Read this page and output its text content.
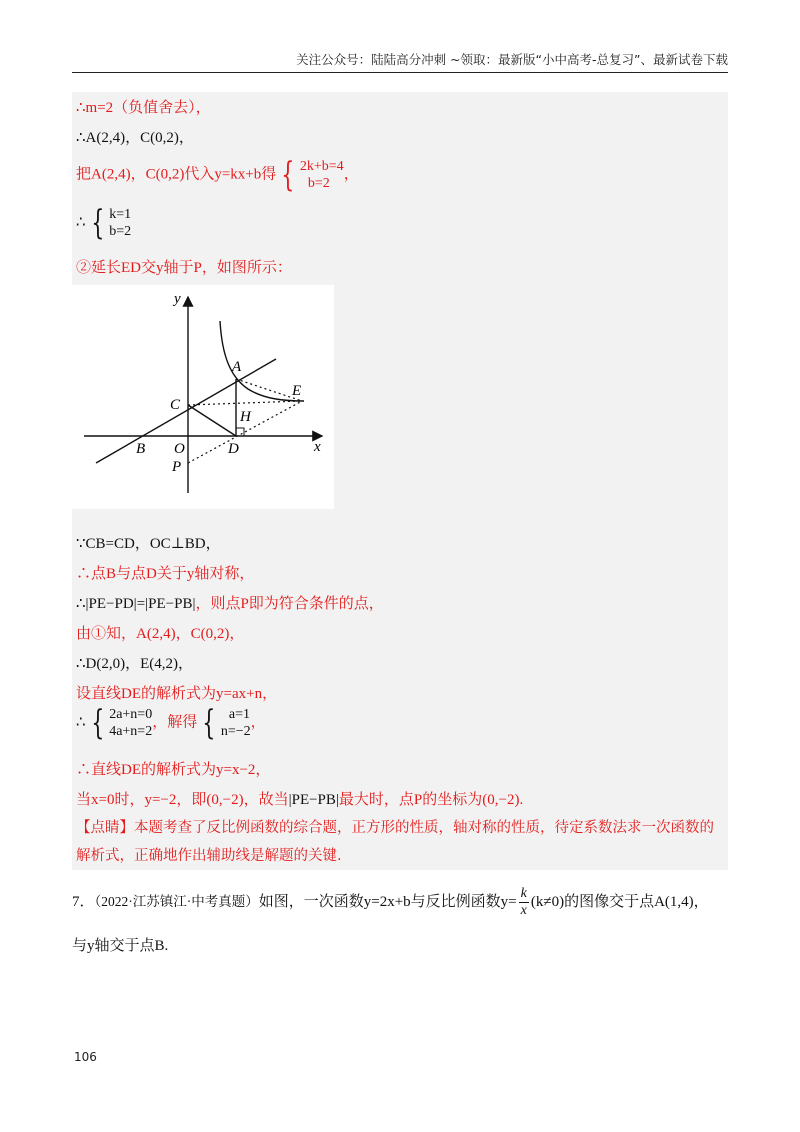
关注公众号：陆陆高分冲刺 ~领取：最新版“小中高考-总复习”、最新试卷下载
∴m=2（负值舍去），
∴A(2,4)，C(0,2)，
把A(2,4)，C(0,2)代入y=kx+b得 { 2k+b=4
b=2
，
∴ { k=1
b=2
②延长ED交y轴于P，如图所示：
y
x
A
C
E
H
B O	D
P
∵CB=CD，OC⊥BD，
∴点B与点D关于y轴对称，
∴|PE−PD|=|PE−PB|，则点P即为符合条件的点，
由①知，A(2,4)，C(0,2)，
∴D(2,0)，E(4,2)，
设直线DE的解析式为y=ax+n，
∴ { 2a+n=0
4a+n=2
，解得 { a=1
n=−2
，
∴直线DE的解析式为y=x−2，
当x=0时，y=−2，即(0,−2)，故当|PE−PB|最大时，点P的坐标为(0,−2).
【点睛】本题考查了反比例函数的综合题，正方形的性质，轴对称的性质，待定系数法求一次函数的解析式，正确地作出辅助线是解题的关键.
7．（2022·江苏镇江·中考真题）如图，一次函数y=2x+b与反比例函数$y= \frac{k}{x} (k\ne 0)$的图像交于点A(1,4)，
与y轴交于点B.
106
